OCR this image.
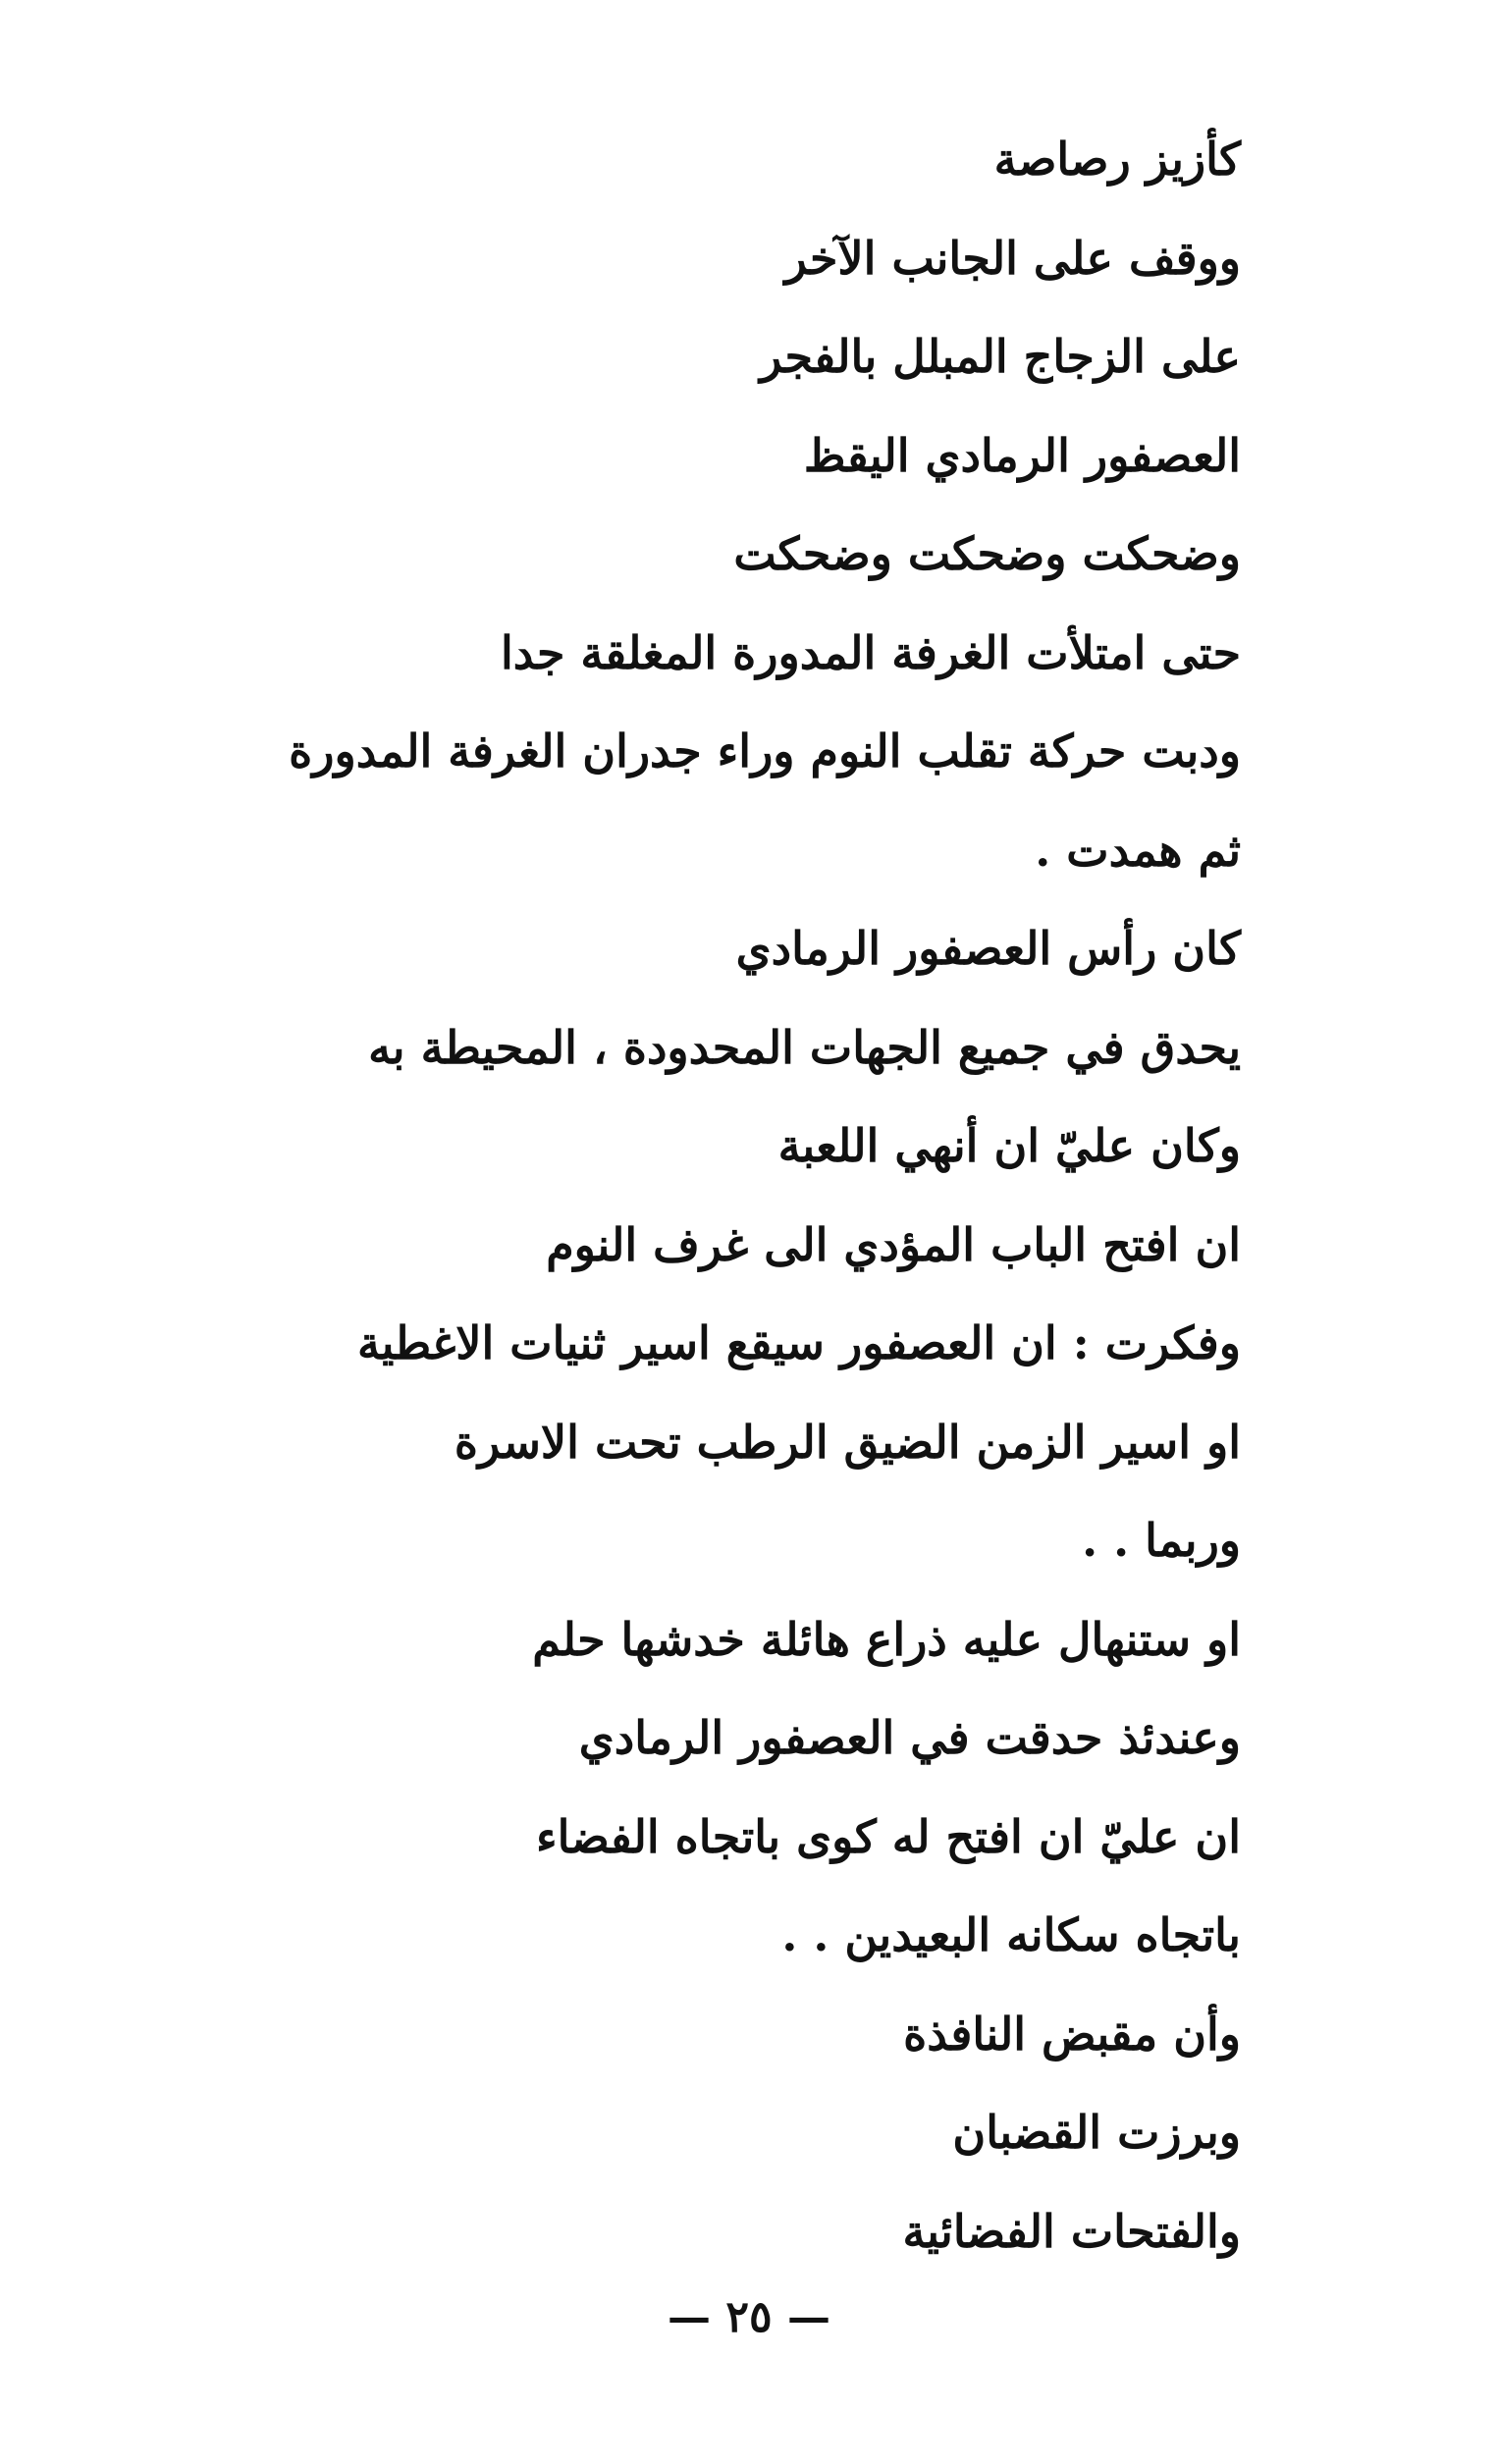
كأزيز رصاصة
ووقف على الجانب الآخر
على الزجاج المبلل بالفجر
العصفور الرمادي اليقظ
وضحكت وضحكت وضحكت
حتى امتلأت الغرفة المدورة المغلقة جدا
ودبت حركة تقلب النوم وراء جدران الغرفة المدورة
ثم همدت .
كان رأس العصفور الرمادي
يحدق في جميع الجهات المحدودة ، المحيطة به
وكان عليّ ان أنهي اللعبة
ان افتح الباب المؤدي الى غرف النوم
وفكرت : ان العصفور سيقع اسير ثنيات الاغطية
او اسير الزمن الضيق الرطب تحت الاسرة
وربما . .
او ستنهال عليه ذراع هائلة خدشها حلم
وعندئذ حدقت في العصفور الرمادي
ان عليّ ان افتح له كوى باتجاه الفضاء
باتجاه سكانه البعيدين . .
وأن مقبض النافذة
وبرزت القضبان
والفتحات الفضائية
— ٢٥ —
